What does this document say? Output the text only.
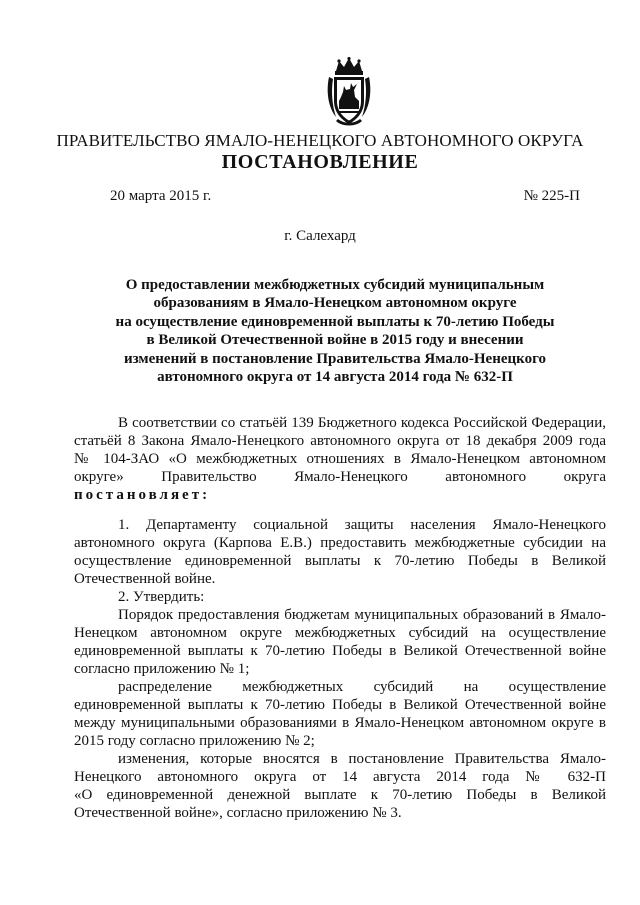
ПРАВИТЕЛЬСТВО ЯМАЛО-НЕНЕЦКОГО АВТОНОМНОГО ОКРУГА
ПОСТАНОВЛЕНИЕ
20 марта 2015 г.	№ 225-П
г. Салехард
О предоставлении межбюджетных субсидий муниципальным
образованиям в Ямало-Ненецком автономном округе
на осуществление единовременной выплаты к 70-летию Победы
в Великой Отечественной войне в 2015 году и внесении
изменений в постановление Правительства Ямало-Ненецкого
автономного округа от 14 августа 2014 года № 632-П
В соответствии со статьёй 139 Бюджетного кодекса Российской Федерации,
статьёй 8 Закона Ямало-Ненецкого автономного округа от 18 декабря 2009 года
№ 104-ЗАО «О межбюджетных отношениях в Ямало-Ненецком автономном
округе» Правительство Ямало-Ненецкого автономного округа
постановляет:
1. Департаменту социальной защиты населения Ямало-Ненецкого
автономного округа (Карпова Е.В.) предоставить межбюджетные субсидии на
осуществление единовременной выплаты к 70-летию Победы в Великой
Отечественной войне.
2. Утвердить:
Порядок предоставления бюджетам муниципальных образований в Ямало-
Ненецком автономном округе межбюджетных субсидий на осуществление
единовременной выплаты к 70-летию Победы в Великой Отечественной войне
согласно приложению № 1;
распределение межбюджетных субсидий на осуществление
единовременной выплаты к 70-летию Победы в Великой Отечественной войне
между муниципальными образованиями в Ямало-Ненецком автономном округе в
2015 году согласно приложению № 2;
изменения, которые вносятся в постановление Правительства Ямало-
Ненецкого автономного округа от 14 августа 2014 года № 632-П
«О единовременной денежной выплате к 70-летию Победы в Великой
Отечественной войне», согласно приложению № 3.
